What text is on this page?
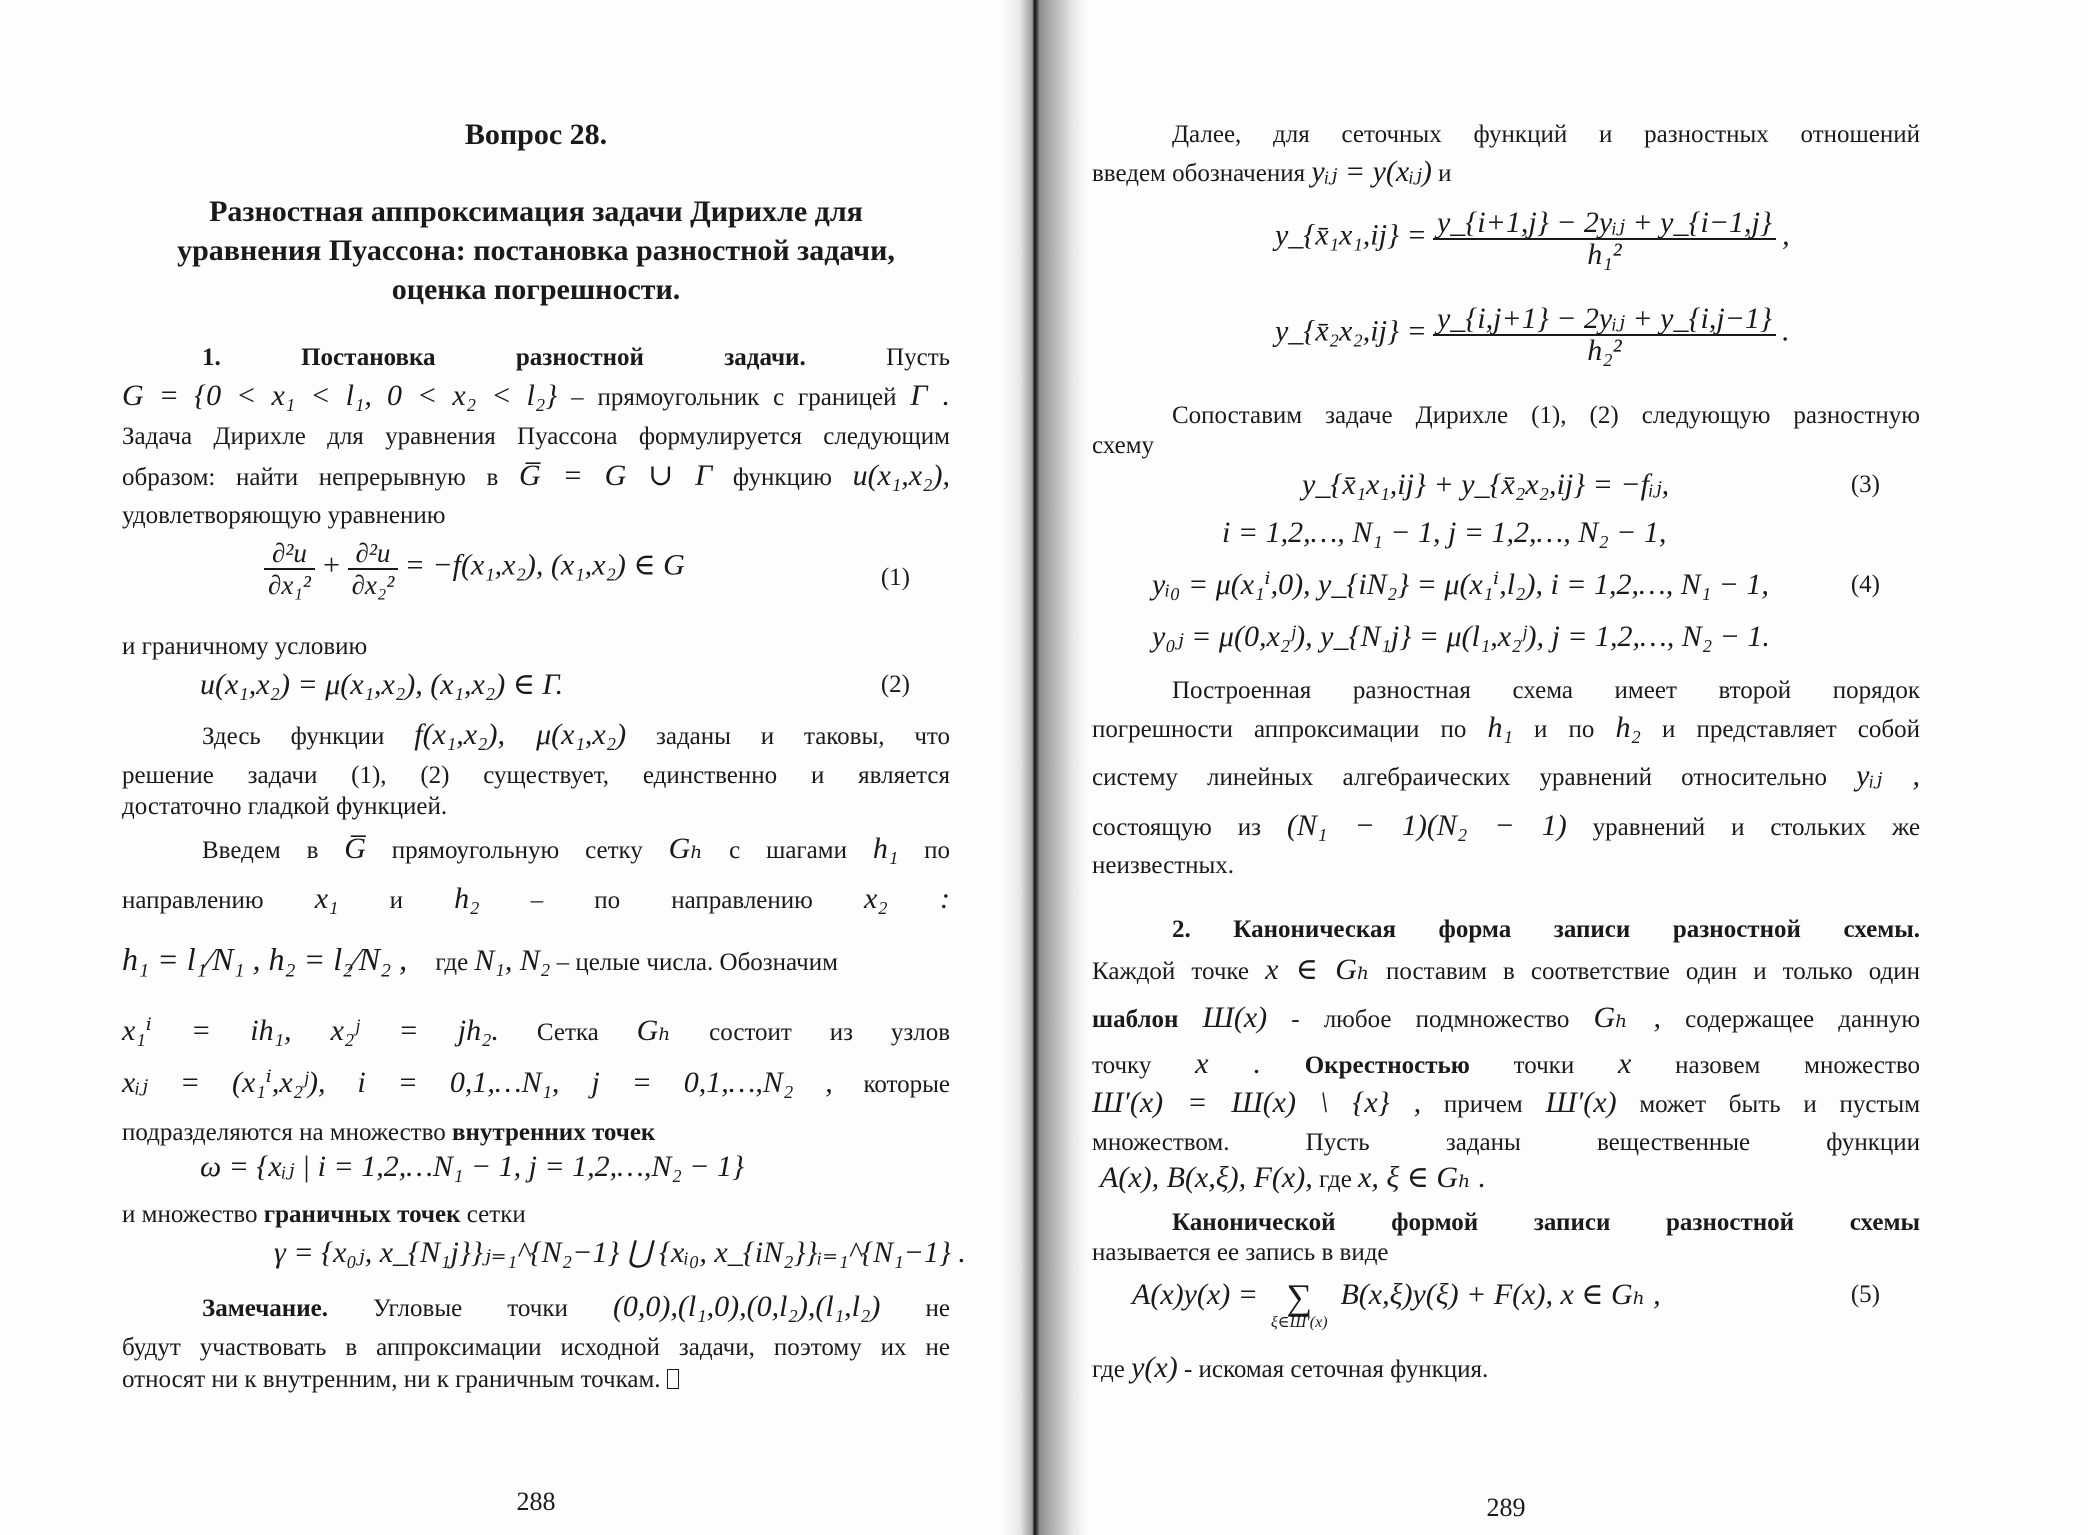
Вопрос 28.
Разностная аппроксимация задачи Дирихле для
уравнения Пуассона: постановка разностной задачи,
оценка погрешности.
1.	Постановка	разностной	задачи.	Пусть
G = {0 < x₁ < l₁, 0 < x₂ < l₂} – прямоугольник с границей Γ .
Задача Дирихле для уравнения Пуассона формулируется следующим
образом: найти непрерывную в G̅ = G ∪ Γ функцию u(x₁,x₂),
удовлетворяющую уравнению
$\frac{\text{∂²u}}{\text{∂x₁²}} + \frac{\text{∂²u}}{\text{∂x₂²}} = -f(x_1,x_2)$, (x₁,x₂) ∈ G	(1)
и граничному условию
u(x₁,x₂) = μ(x₁,x₂), (x₁,x₂) ∈ Γ.	(2)
Здесь функции f(x₁,x₂), μ(x₁,x₂) заданы и таковы, что
решение задачи (1), (2) существует, единственно и является
достаточно гладкой функцией.
Введем в G̅ прямоугольную сетку Gₕ с шагами h₁ по
направлению x₁ и h₂ – по направлению x₂ :
h₁ = l₁⁄N₁ , h₂ = l₂⁄N₂ , где N₁, N₂ – целые числа. Обозначим
x₁ⁱ = ih₁, x₂ʲ = jh₂. Сетка Gₕ состоит из узлов
xᵢⱼ = (x₁ⁱ,x₂ʲ), i = 0,1,…N₁, j = 0,1,…,N₂ , которые
подразделяются на множество внутренних точек
ω = {xᵢⱼ | i = 1,2,…N₁ − 1, j = 1,2,…,N₂ − 1}
и множество граничных точек сетки
γ = {x₀ⱼ, x_{N₁j}}ⱼ₌₁^{N₂−1} ⋃ {xᵢ₀, x_{iN₂}}ᵢ₌₁^{N₁−1} .
Замечание. Угловые точки (0,0),(l₁,0),(0,l₂),(l₁,l₂) не
будут участвовать в аппроксимации исходной задачи, поэтому их не
относят ни к внутренним, ни к граничным точкам.
288
Далее, для сеточных функций и разностных отношений
введем обозначения yᵢⱼ = y(xᵢⱼ) и
y_{x̄₁x₁,ij} = $\frac{\text{y\_\{i+1,j\} − 2yᵢⱼ + y\_\{i−1,j\}}}{\text{h₁²}}$ ,
y_{x̄₂x₂,ij} = $\frac{\text{y\_\{i,j+1\} − 2yᵢⱼ + y\_\{i,j−1\}}}{\text{h₂²}}$ .
Сопоставим задаче Дирихле (1), (2) следующую разностную
схему
y_{x̄₁x₁,ij} + y_{x̄₂x₂,ij} = −fᵢⱼ,	(3)
i = 1,2,…, N₁ − 1, j = 1,2,…, N₂ − 1,
yᵢ₀ = μ(x₁ⁱ,0), y_{iN₂} = μ(x₁ⁱ,l₂), i = 1,2,…, N₁ − 1,	(4)
y₀ⱼ = μ(0,x₂ʲ), y_{N₁j} = μ(l₁,x₂ʲ), j = 1,2,…, N₂ − 1.
Построенная разностная схема имеет второй порядок
погрешности аппроксимации по h₁ и по h₂ и представляет собой
систему линейных алгебраических уравнений относительно yᵢⱼ ,
состоящую из (N₁ − 1)(N₂ − 1) уравнений и стольких же
неизвестных.
2. Каноническая форма записи разностной схемы.
Каждой точке x ∈ Gₕ поставим в соответствие один и только один
шаблон Ш(x) - любое подмножество Gₕ , содержащее данную
точку x . Окрестностью точки x назовем множество
Ш′(x) = Ш(x) \ {x} , причем Ш′(x) может быть и пустым
множеством.	Пусть	заданы	вещественные	функции
A(x), B(x,ξ), F(x), где x, ξ ∈ Gₕ .
Канонической формой записи разностной схемы
называется ее запись в виде
A(x)y(x) = ∑
ξ∈Ш′(x)
B(x,ξ)y(ξ) + F(x), x ∈ Gₕ ,	(5)
где y(x) - искомая сеточная функция.
289
